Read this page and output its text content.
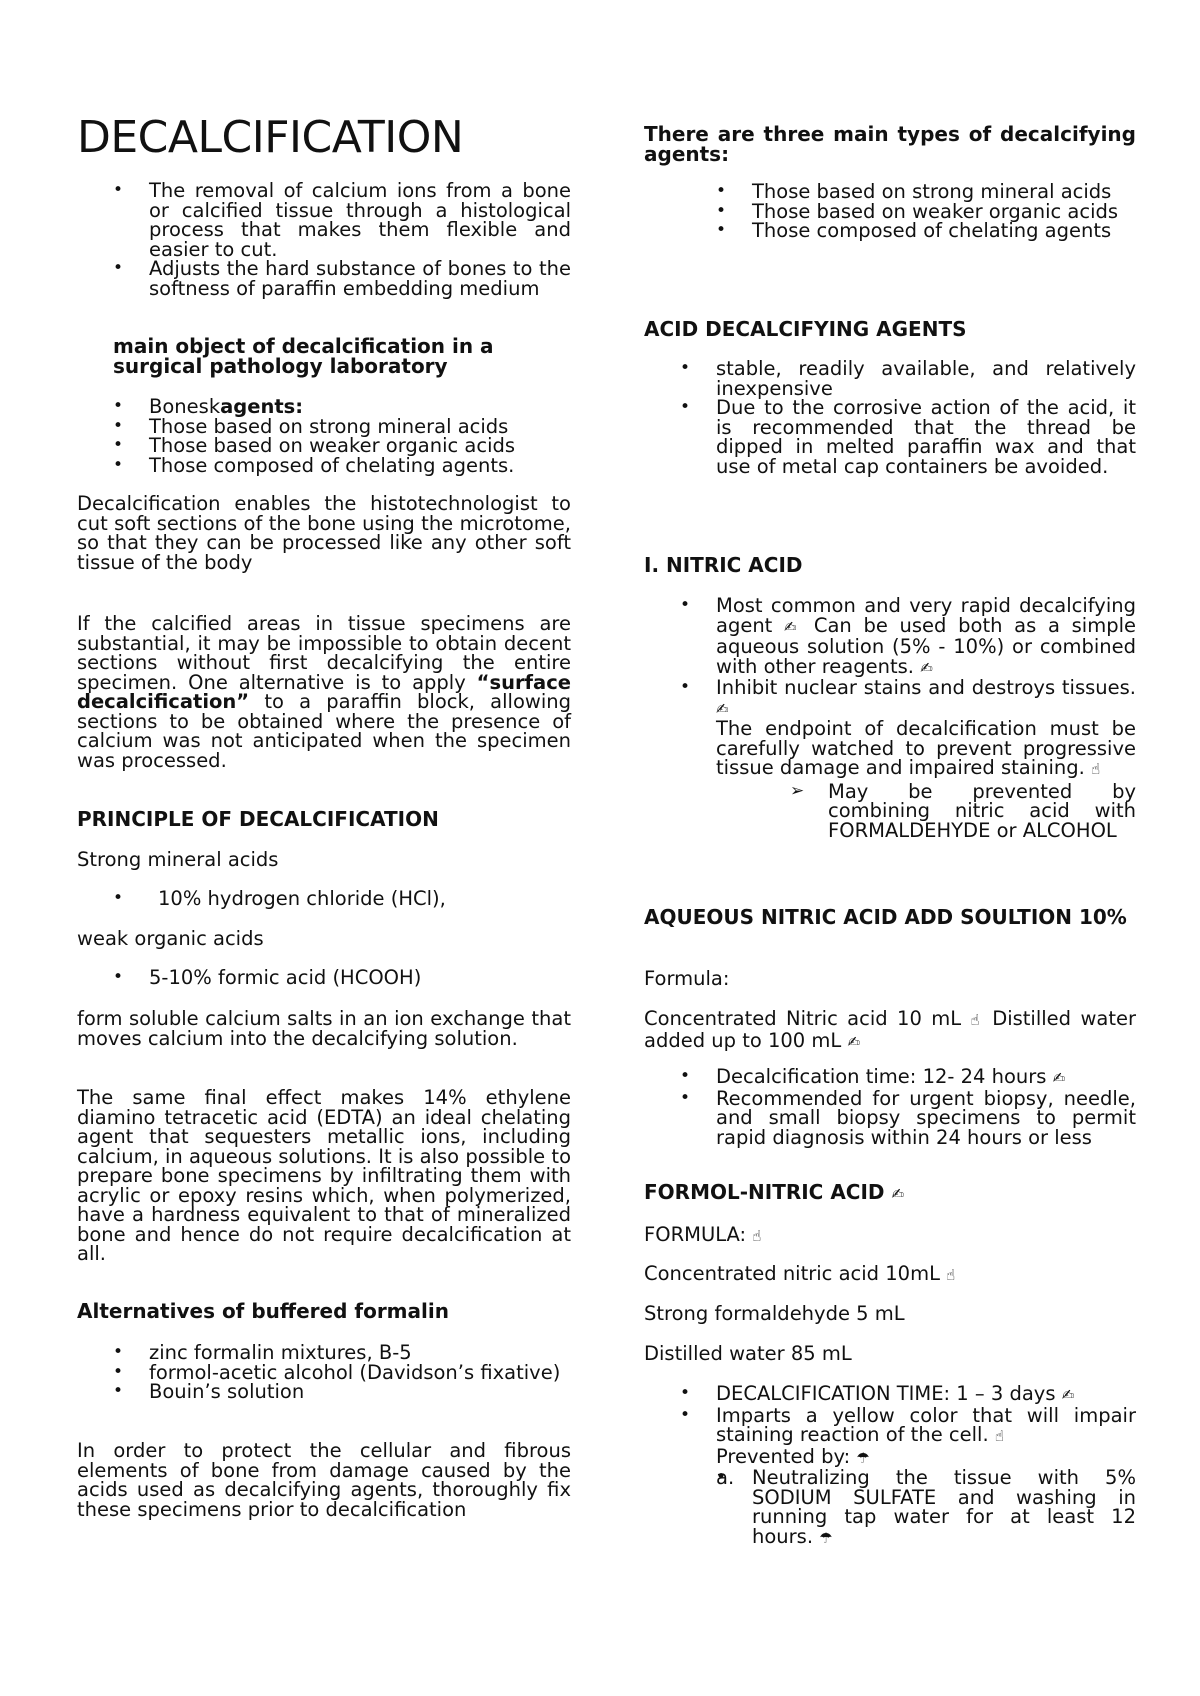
DECALCIFICATION
• The removal of calcium ions from a bone or calcified tissue through a histological process that makes them flexible and easier to cut.
• Adjusts the hard substance of bones to the softness of paraffin embedding medium

main object of decalcification in a surgical pathology laboratory

• Boneskagents:
• Those based on strong mineral acids
• Those based on weaker organic acids
• Those composed of chelating agents.

Decalcification enables the histotechnologist to cut soft sections of the bone using the microtome, so that they can be processed like any other soft tissue of the body

If the calcified areas in tissue specimens are substantial, it may be impossible to obtain decent sections without first decalcifying the entire specimen. One alternative is to apply “surface decalcification” to a paraffin block, allowing sections to be obtained where the presence of calcium was not anticipated when the specimen was processed.

PRINCIPLE OF DECALCIFICATION

Strong mineral acids

• 10% hydrogen chloride (HCl),

weak organic acids

• 5-10% formic acid (HCOOH)

form soluble calcium salts in an ion exchange that moves calcium into the decalcifying solution.

The same final effect makes 14% ethylene diamino tetracetic acid (EDTA) an ideal chelating agent that sequesters metallic ions, including calcium, in aqueous solutions. It is also possible to prepare bone specimens by infiltrating them with acrylic or epoxy resins which, when polymerized, have a hardness equivalent to that of mineralized bone and hence do not require decalcification at all.

Alternatives of buffered formalin

• zinc formalin mixtures, B-5
• formol-acetic alcohol (Davidson’s fixative)
• Bouin’s solution

In order to protect the cellular and fibrous elements of bone from damage caused by the acids used as decalcifying agents, thoroughly fix these specimens prior to decalcification

There are three main types of decalcifying agents:

• Those based on strong mineral acids
• Those based on weaker organic acids
• Those composed of chelating agents

ACID DECALCIFYING AGENTS

• stable, readily available, and relatively inexpensive
• Due to the corrosive action of the acid, it is recommended that the thread be dipped in melted paraffin wax and that use of metal cap containers be avoided.

I. NITRIC ACID

• Most common and very rapid decalcifying agent ✍ Can be used both as a simple aqueous solution (5% - 10%) or combined with other reagents. ✍
• Inhibit nuclear stains and destroys tissues. ✍
The endpoint of decalcification must be carefully watched to prevent progressive tissue damage and impaired staining. ☝
➢ May be prevented by combining nitric acid with FORMALDEHYDE or ALCOHOL

AQUEOUS NITRIC ACID ADD SOULTION 10%

Formula:

Concentrated Nitric acid 10 mL ☝ Distilled water added up to 100 mL ✍

• Decalcification time: 12- 24 hours ✍
• Recommended for urgent biopsy, needle, and small biopsy specimens to permit rapid diagnosis within 24 hours or less

FORMOL-NITRIC ACID ✍

FORMULA: ☝

Concentrated nitric acid 10mL ☝

Strong formaldehyde 5 mL

Distilled water 85 mL

• DECALCIFICATION TIME: 1 – 3 days ✍
• Imparts a yellow color that will impair staining reaction of the cell. ☝
Prevented by: ☂
• a. Neutralizing the tissue with 5% SODIUM SULFATE and washing in running tap water for at least 12 hours. ☂
